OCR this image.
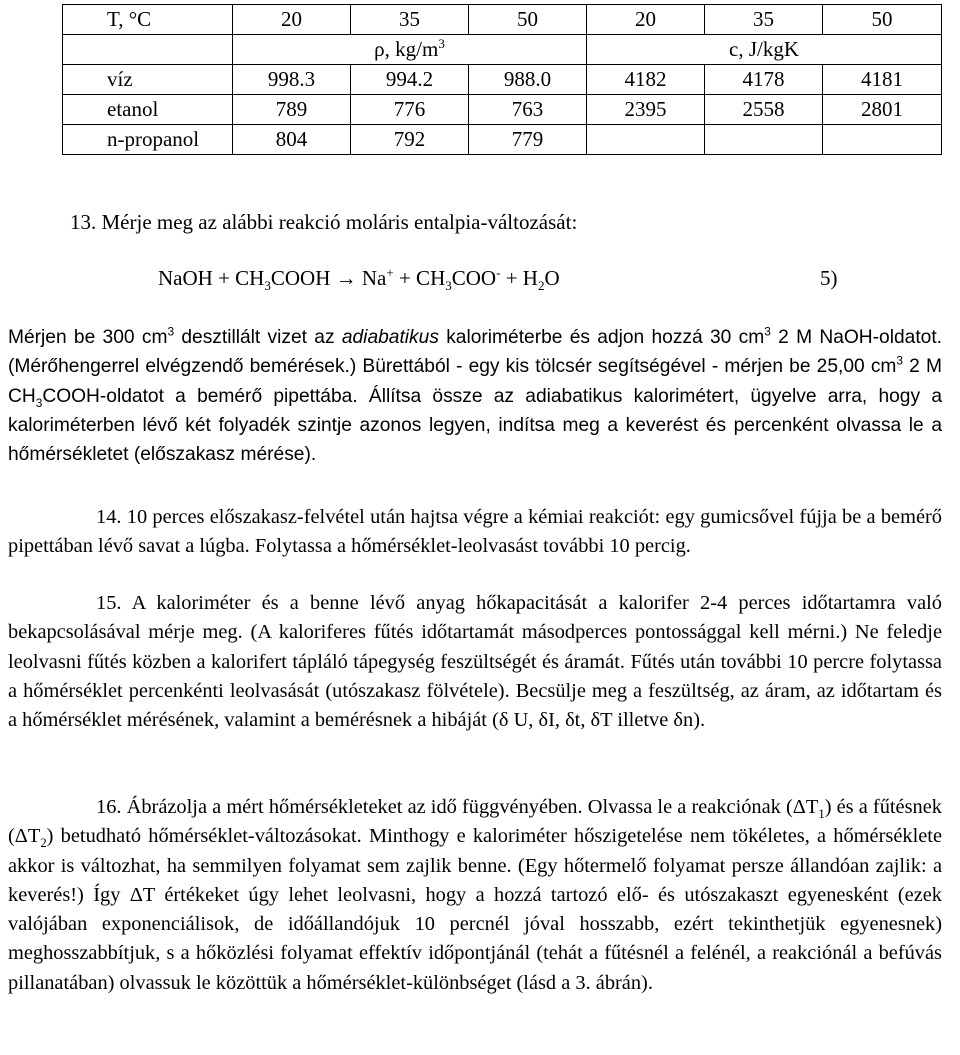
T, °C	20	35	50	20	35	50
	ρ, $kg/m^3$			c, J/kgK		
víz	998.3	994.2	988.0	4182	4178	4181
etanol	789	776	763	2395	2558	2801
n-propanol	804	792	779			
13. Mérje meg az alábbi reakció moláris entalpia-változását:
NaOH + $CH_3COOH \to Na^+ + CH_3COO^- + H_2O$	5)
Mérjen be 300 $cm^3$ desztillált vizet az adiabatikus kaloriméterbe és adjon hozzá 30 $cm^3$ 2 M NaOH-oldatot. (Mérőhengerrel elvégzendő bemérések.) Bürettából - egy kis tölcsér segítségével - mérjen be 25,00 $cm^3$ 2 M $CH_3COOH$-oldatot a bemérő pipettába. Állítsa össze az adiabatikus kalorimétert, ügyelve arra, hogy a kaloriméterben lévő két folyadék szintje azonos legyen, indítsa meg a keverést és percenként olvassa le a hőmérsékletet (előszakasz mérése).
14. 10 perces előszakasz-felvétel után hajtsa végre a kémiai reakciót: egy gumicsővel fújja be a bemérő pipettában lévő savat a lúgba. Folytassa a hőmérséklet-leolvasást további 10 percig.
15. A kaloriméter és a benne lévő anyag hőkapacitását a kalorifer 2-4 perces időtartamra való bekapcsolásával mérje meg. (A kaloriferes fűtés időtartamát másodperces pontossággal kell mérni.) Ne feledje leolvasni fűtés közben a kalorifert tápláló tápegység feszültségét és áramát. Fűtés után további 10 percre folytassa a hőmérséklet percenkénti leolvasását (utószakasz fölvétele). Becsülje meg a feszültség, az áram, az időtartam és a hőmérséklet mérésének, valamint a bemérésnek a hibáját (δ U, δI, δt, δT illetve δn).
16. Ábrázolja a mért hőmérsékleteket az idő függvényében. Olvassa le a reakciónak $(\Delta T_1)$ és a fűtésnek $(\Delta T_2)$ betudható hőmérséklet-változásokat. Minthogy e kaloriméter hőszigetelése nem tökéletes, a hőmérséklete akkor is változhat, ha semmilyen folyamat sem zajlik benne. (Egy hőtermelő folyamat persze állandóan zajlik: a keverés!) Így ΔT értékeket úgy lehet leolvasni, hogy a hozzá tartozó elő- és utószakaszt egyenesként (ezek valójában exponenciálisok, de időállandójuk 10 percnél jóval hosszabb, ezért tekinthetjük egyenesnek) meghosszabbítjuk, s a hőközlési folyamat effektív időpontjánál (tehát a fűtésnél a felénél, a reakciónál a befúvás pillanatában) olvassuk le közöttük a hőmérséklet-különbséget (lásd a 3. ábrán).
